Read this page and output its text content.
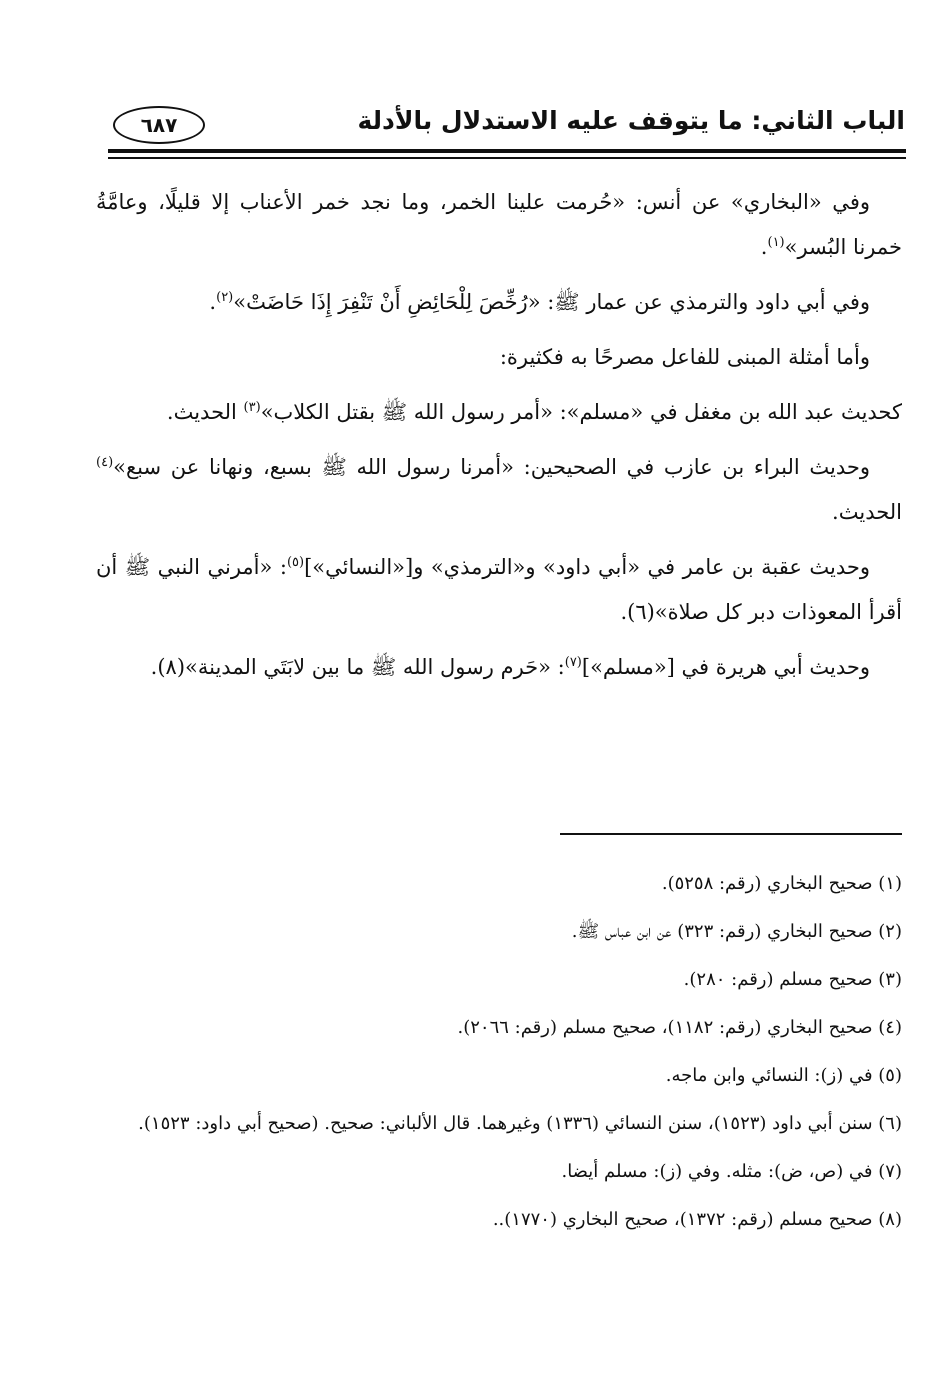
الباب الثاني: ما يتوقف عليه الاستدلال بالأدلة
٦٨٧

وفي «البخاري» عن أنس: «حُرمت علينا الخمر، وما نجد خمر الأعناب إلا قليلًا، وعامَّةُ خمرنا البُسر»$^{(١)}$.

وفي أبي داود والترمذي عن عمار ﷺ: «رُخِّصَ لِلْحَائِضِ أَنْ تَنْفِرَ إِذَا حَاضَتْ»$^{(٢)}$.

وأما أمثلة المبنى للفاعل مصرحًا به فكثيرة:

كحديث عبد الله بن مغفل في «مسلم»: «أمر رسول الله ﷺ بقتل الكلاب»$^{(٣)}$ الحديث.

وحديث البراء بن عازب في الصحيحين: «أمرنا رسول الله ﷺ بسبع، ونهانا عن سبع»$^{(٤)}$ الحديث.

وحديث عقبة بن عامر في «أبي داود» و«الترمذي» و[«النسائي»]$^{(٥)}$: «أمرني النبي ﷺ أن أقرأ المعوذات دبر كل صلاة»(٦).

وحديث أبي هريرة في [«مسلم»]$^{(٧)}$: «حَرم رسول الله ﷺ ما بين لابَتَي المدينة»(٨).

(١) صحيح البخاري (رقم: ٥٢٥٨).

(٢) صحيح البخاري (رقم: ٣٢٣) عن ابن عباس ﷺ.

(٣) صحيح مسلم (رقم: ٢٨٠).

(٤) صحيح البخاري (رقم: ١١٨٢)، صحيح مسلم (رقم: ٢٠٦٦).

(٥) في (ز): النسائي وابن ماجه.

(٦) سنن أبي داود (١٥٢٣)، سنن النسائي (١٣٣٦) وغيرهما. قال الألباني: صحيح. (صحيح أبي داود: ١٥٢٣).

(٧) في (ص، ض): مثله. وفي (ز): مسلم أيضا.

(٨) صحيح مسلم (رقم: ١٣٧٢)، صحيح البخاري (١٧٧٠)..
